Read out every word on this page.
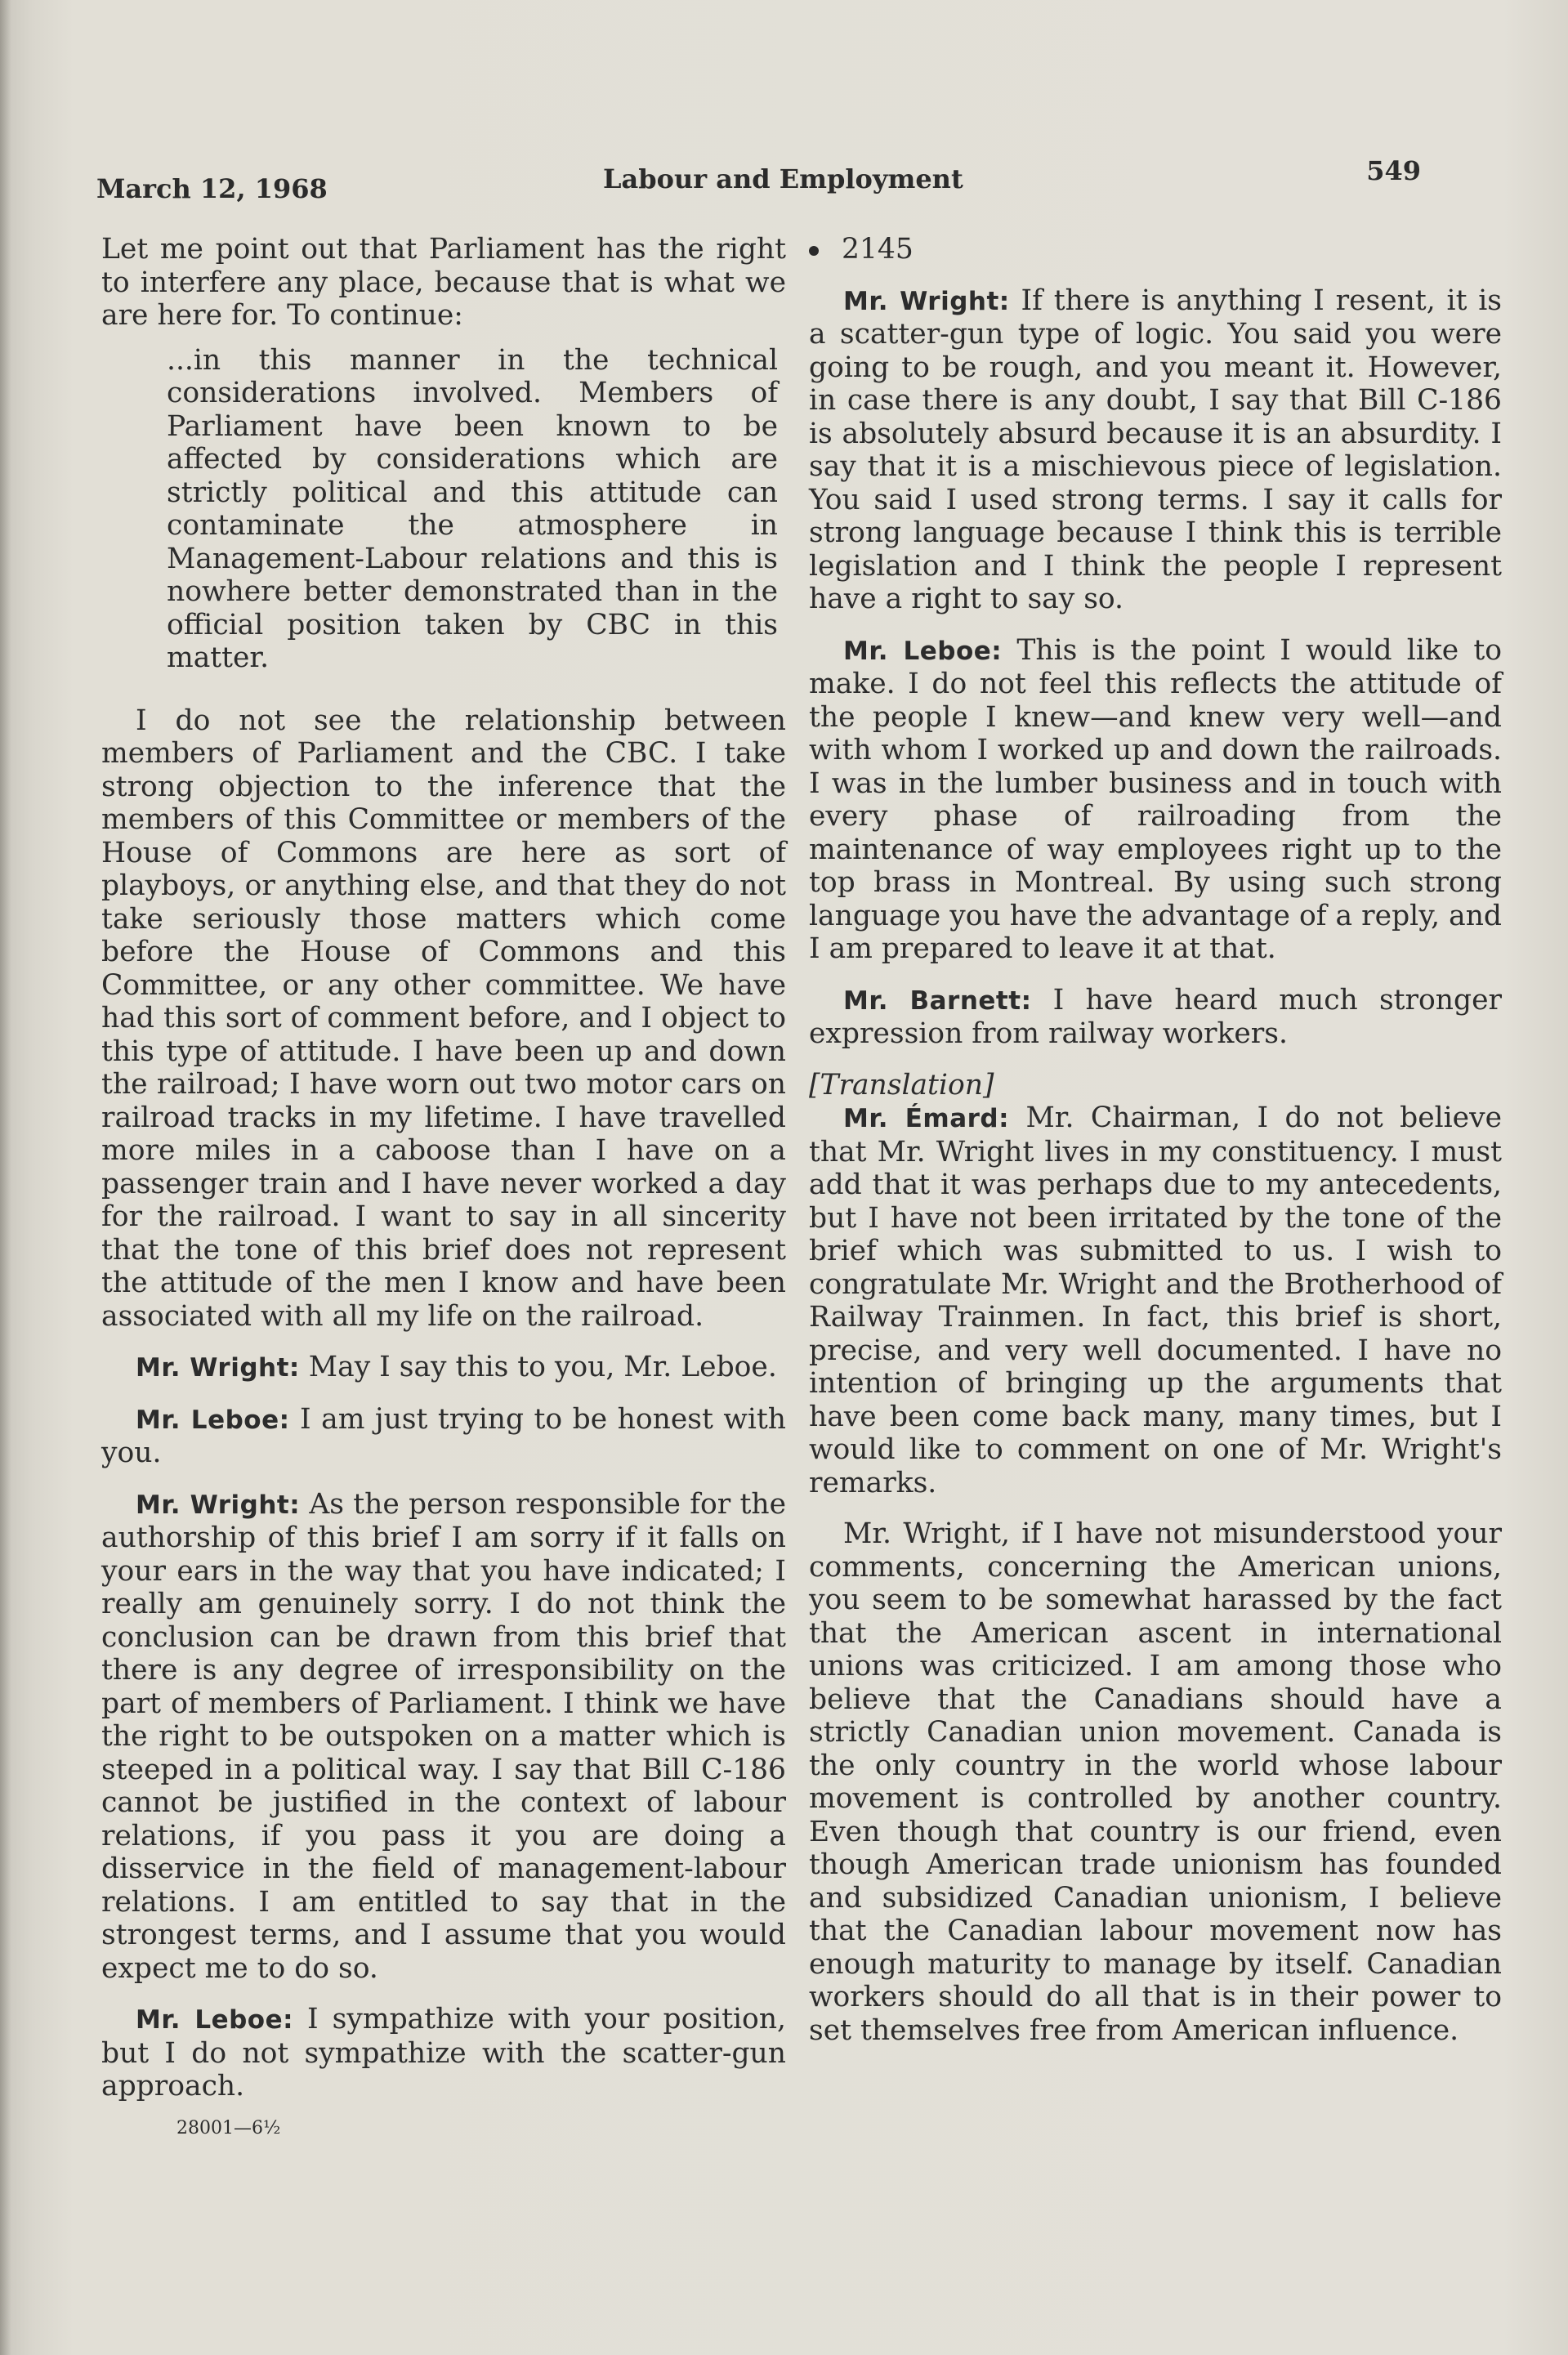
March 12, 1968	Labour and Employment	549

Let me point out that Parliament has the right to interfere any place, because that is what we are here for. To continue:

...in this manner in the technical considerations involved. Members of Parliament have been known to be affected by considerations which are strictly political and this attitude can contaminate the atmosphere in Management-Labour relations and this is nowhere better demonstrated than in the official position taken by CBC in this matter.

I do not see the relationship between members of Parliament and the CBC. I take strong objection to the inference that the members of this Committee or members of the House of Commons are here as sort of playboys, or anything else, and that they do not take seriously those matters which come before the House of Commons and this Committee, or any other committee. We have had this sort of comment before, and I object to this type of attitude. I have been up and down the railroad; I have worn out two motor cars on railroad tracks in my lifetime. I have travelled more miles in a caboose than I have on a passenger train and I have never worked a day for the railroad. I want to say in all sincerity that the tone of this brief does not represent the attitude of the men I know and have been associated with all my life on the railroad.

Mr. Wright: May I say this to you, Mr. Leboe.

Mr. Leboe: I am just trying to be honest with you.

Mr. Wright: As the person responsible for the authorship of this brief I am sorry if it falls on your ears in the way that you have indicated; I really am genuinely sorry. I do not think the conclusion can be drawn from this brief that there is any degree of irresponsibility on the part of members of Parliament. I think we have the right to be outspoken on a matter which is steeped in a political way. I say that Bill C-186 cannot be justified in the context of labour relations, if you pass it you are doing a disservice in the field of management-labour relations. I am entitled to say that in the strongest terms, and I assume that you would expect me to do so.

Mr. Leboe: I sympathize with your position, but I do not sympathize with the scatter-gun approach.

28001—6½

2145

Mr. Wright: If there is anything I resent, it is a scatter-gun type of logic. You said you were going to be rough, and you meant it. However, in case there is any doubt, I say that Bill C-186 is absolutely absurd because it is an absurdity. I say that it is a mischievous piece of legislation. You said I used strong terms. I say it calls for strong language because I think this is terrible legislation and I think the people I represent have a right to say so.

Mr. Leboe: This is the point I would like to make. I do not feel this reflects the attitude of the people I knew—and knew very well—and with whom I worked up and down the railroads. I was in the lumber business and in touch with every phase of railroading from the maintenance of way employees right up to the top brass in Montreal. By using such strong language you have the advantage of a reply, and I am prepared to leave it at that.

Mr. Barnett: I have heard much stronger expression from railway workers.

[Translation]

Mr. Émard: Mr. Chairman, I do not believe that Mr. Wright lives in my constituency. I must add that it was perhaps due to my antecedents, but I have not been irritated by the tone of the brief which was submitted to us. I wish to congratulate Mr. Wright and the Brotherhood of Railway Trainmen. In fact, this brief is short, precise, and very well documented. I have no intention of bringing up the arguments that have been come back many, many times, but I would like to comment on one of Mr. Wright's remarks.

Mr. Wright, if I have not misunderstood your comments, concerning the American unions, you seem to be somewhat harassed by the fact that the American ascent in international unions was criticized. I am among those who believe that the Canadians should have a strictly Canadian union movement. Canada is the only country in the world whose labour movement is controlled by another country. Even though that country is our friend, even though American trade unionism has founded and subsidized Canadian unionism, I believe that the Canadian labour movement now has enough maturity to manage by itself. Canadian workers should do all that is in their power to set themselves free from American influence.
